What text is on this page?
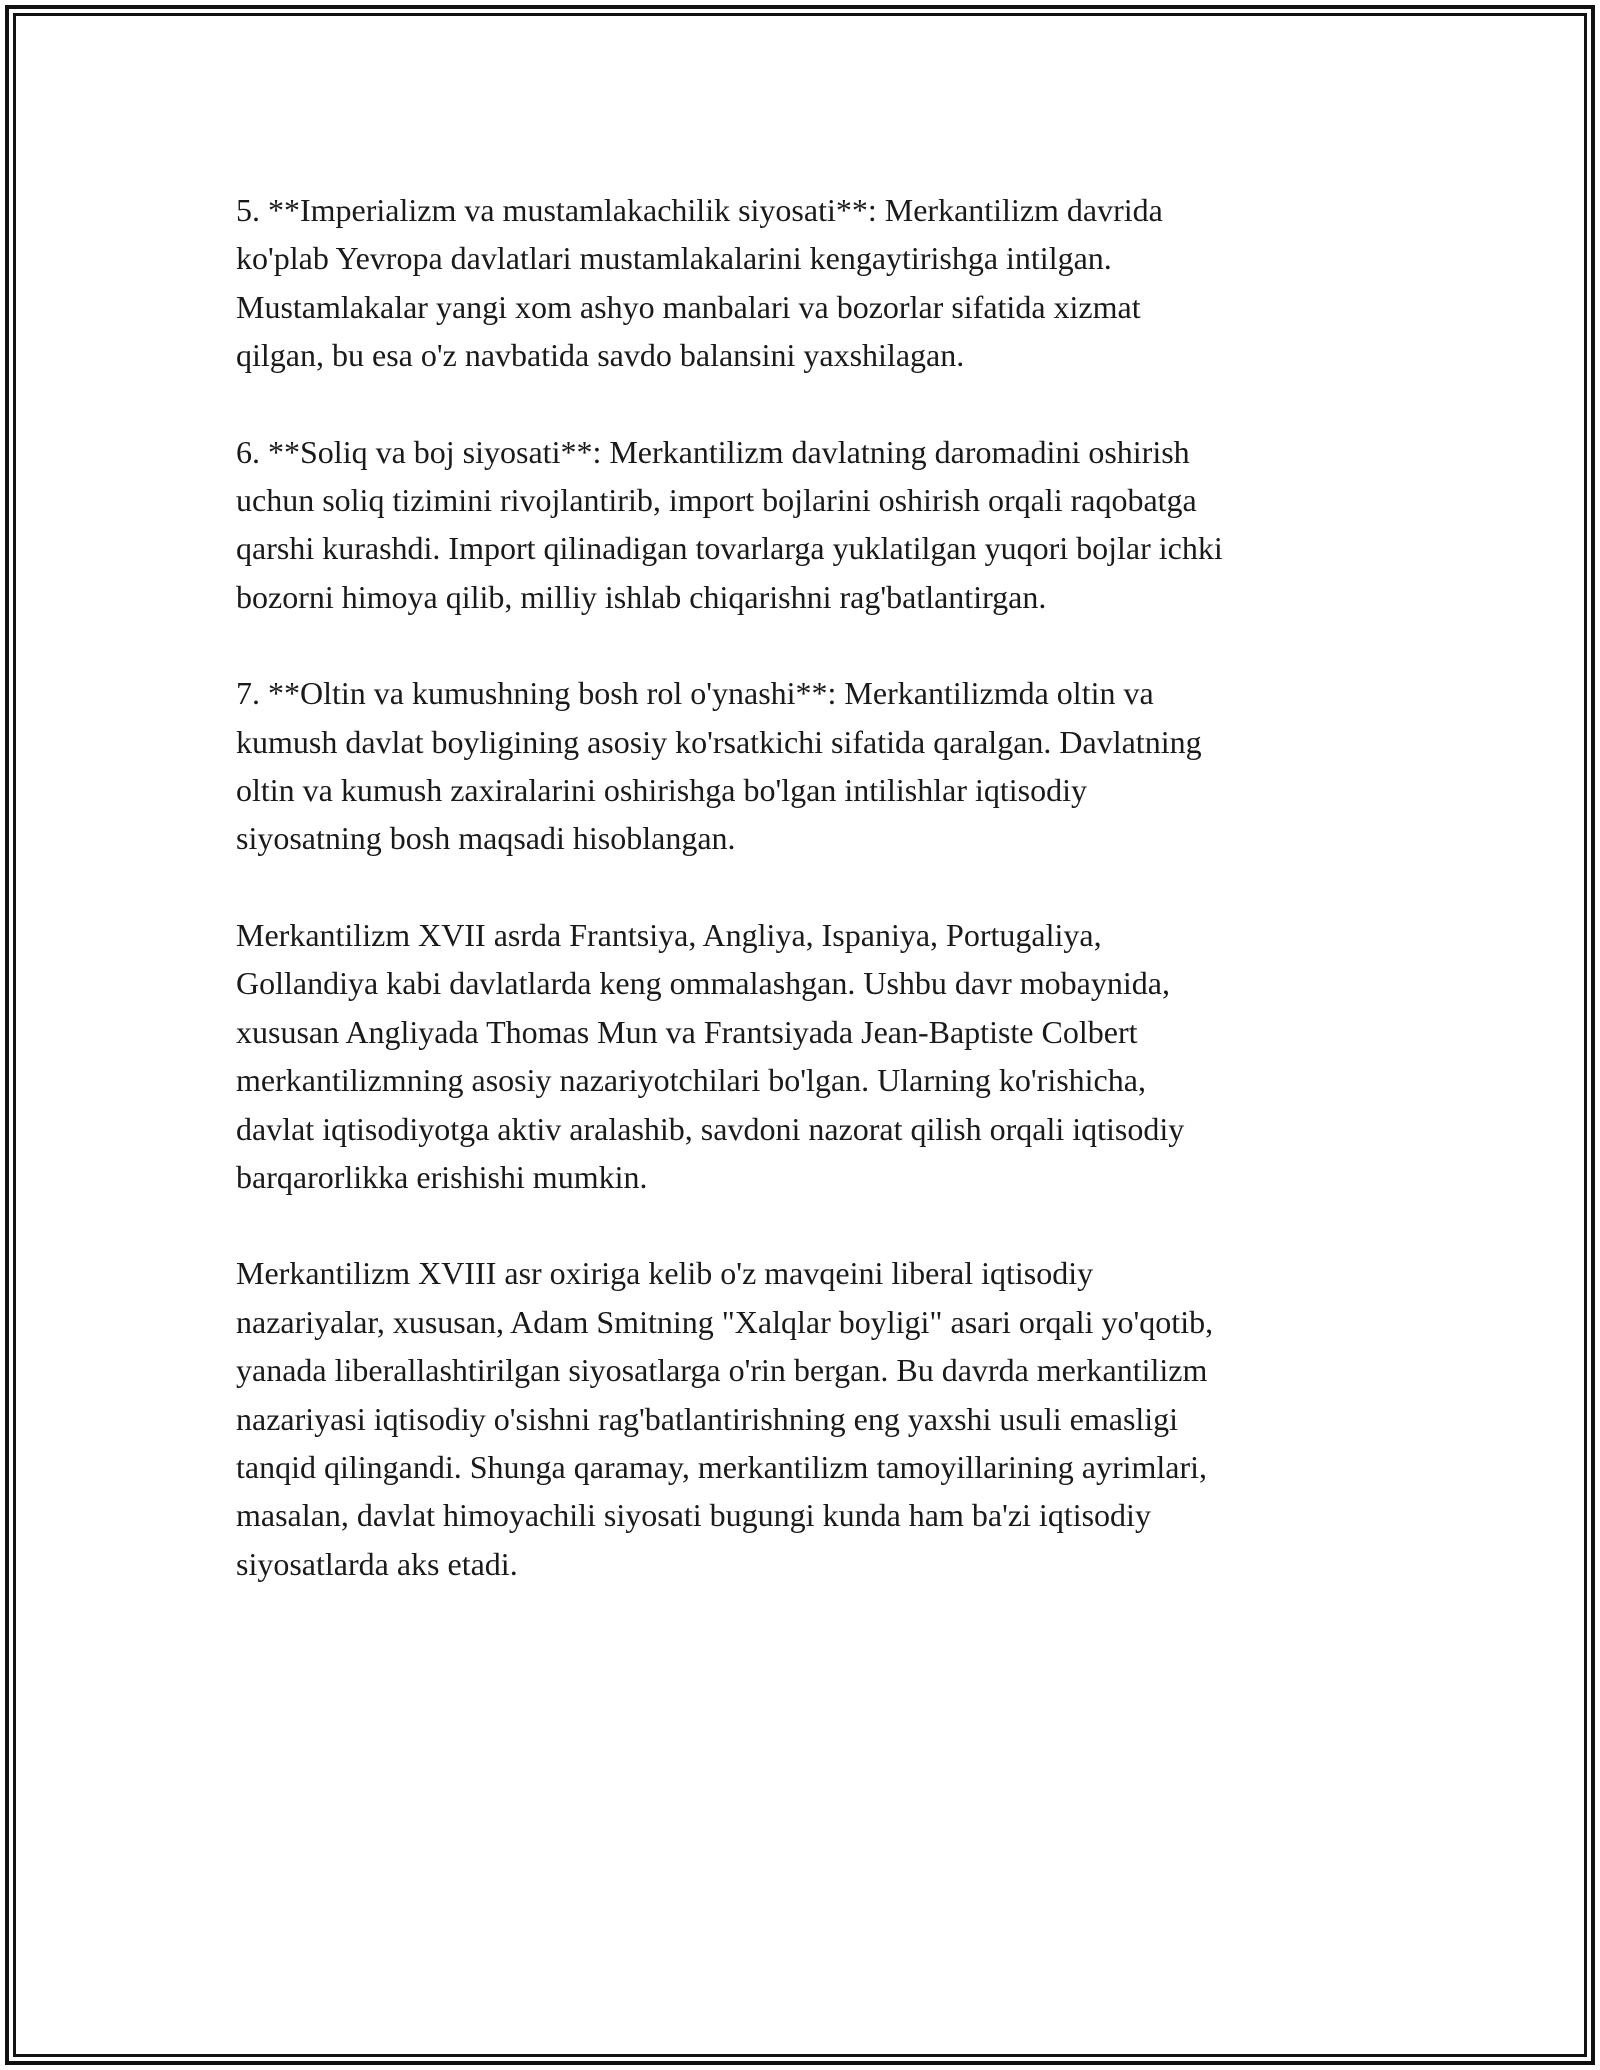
5. **Imperializm va mustamlakachilik siyosati**: Merkantilizm davrida
ko'plab Yevropa davlatlari mustamlakalarini kengaytirishga intilgan.
Mustamlakalar yangi xom ashyo manbalari va bozorlar sifatida xizmat
qilgan, bu esa o'z navbatida savdo balansini yaxshilagan.

6. **Soliq va boj siyosati**: Merkantilizm davlatning daromadini oshirish
uchun soliq tizimini rivojlantirib, import bojlarini oshirish orqali raqobatga
qarshi kurashdi. Import qilinadigan tovarlarga yuklatilgan yuqori bojlar ichki
bozorni himoya qilib, milliy ishlab chiqarishni rag'batlantirgan.

7. **Oltin va kumushning bosh rol o'ynashi**: Merkantilizmda oltin va
kumush davlat boyligining asosiy ko'rsatkichi sifatida qaralgan. Davlatning
oltin va kumush zaxiralarini oshirishga bo'lgan intilishlar iqtisodiy
siyosatning bosh maqsadi hisoblangan.

Merkantilizm XVII asrda Frantsiya, Angliya, Ispaniya, Portugaliya,
Gollandiya kabi davlatlarda keng ommalashgan. Ushbu davr mobaynida,
xususan Angliyada Thomas Mun va Frantsiyada Jean-Baptiste Colbert
merkantilizmning asosiy nazariyotchilari bo'lgan. Ularning ko'rishicha,
davlat iqtisodiyotga aktiv aralashib, savdoni nazorat qilish orqali iqtisodiy
barqarorlikka erishishi mumkin.

Merkantilizm XVIII asr oxiriga kelib o'z mavqeini liberal iqtisodiy
nazariyalar, xususan, Adam Smitning "Xalqlar boyligi" asari orqali yo'qotib,
yanada liberallashtirilgan siyosatlarga o'rin bergan. Bu davrda merkantilizm
nazariyasi iqtisodiy o'sishni rag'batlantirishning eng yaxshi usuli emasligi
tanqid qilingandi. Shunga qaramay, merkantilizm tamoyillarining ayrimlari,
masalan, davlat himoyachili siyosati bugungi kunda ham ba'zi iqtisodiy
siyosatlarda aks etadi.
